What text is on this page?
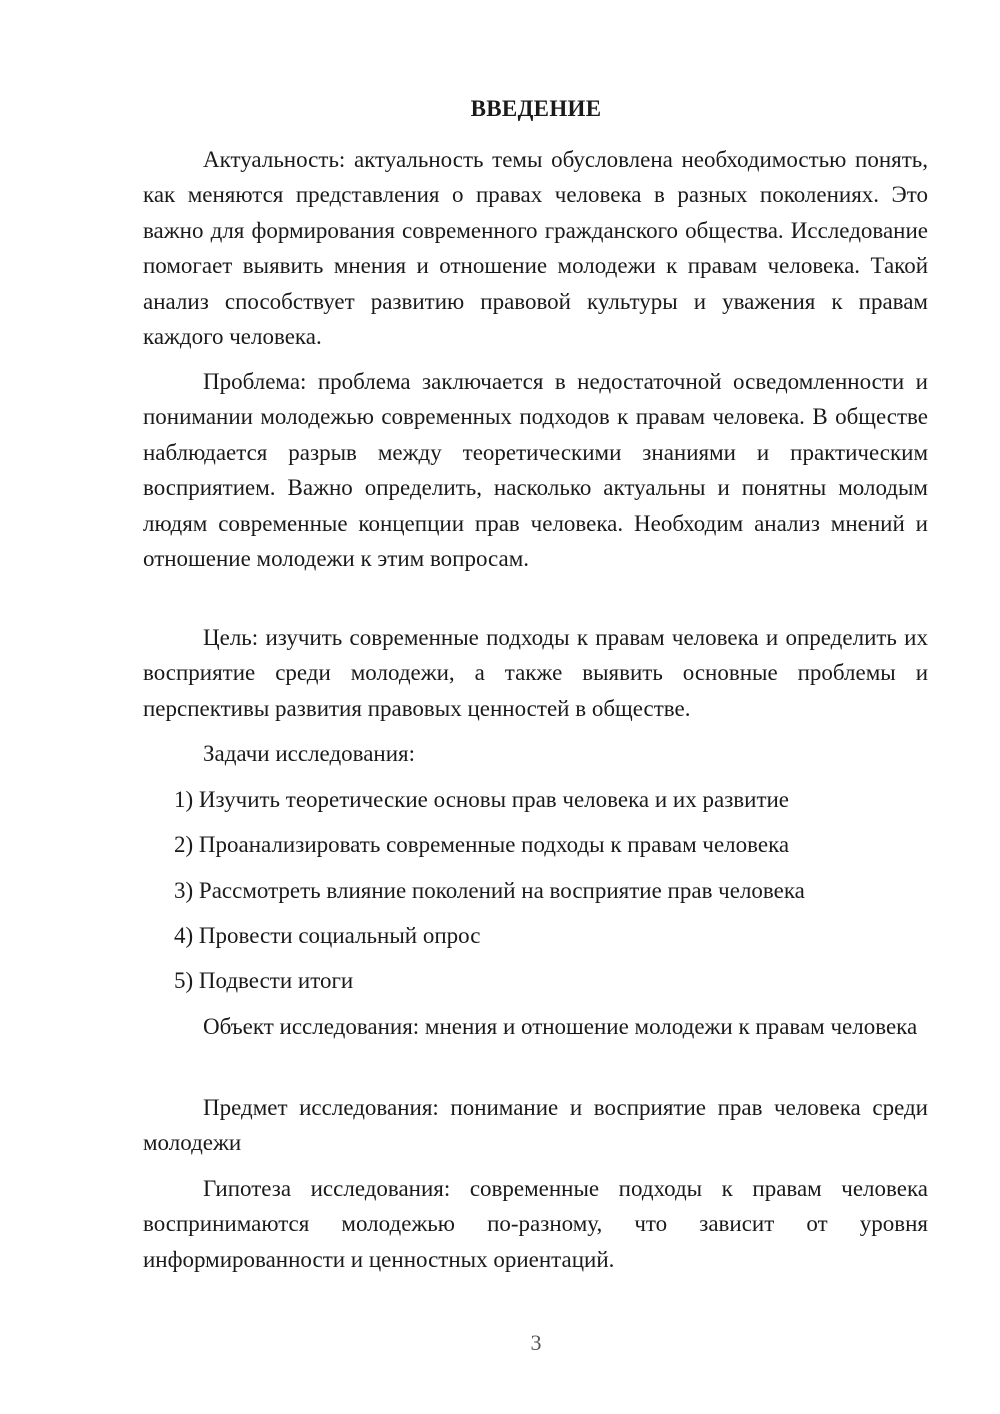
ВВЕДЕНИЕ

Актуальность: актуальность темы обусловлена необходимостью понять, как меняются представления о правах человека в разных поколениях. Это важно для формирования современного гражданского общества. Исследование помогает выявить мнения и отношение молодежи к правам человека. Такой анализ способствует развитию правовой культуры и уважения к правам каждого человека.

Проблема: проблема заключается в недостаточной осведомленности и понимании молодежью современных подходов к правам человека. В обществе наблюдается разрыв между теоретическими знаниями и практическим восприятием. Важно определить, насколько актуальны и понятны молодым людям современные концепции прав человека. Необходим анализ мнений и отношение молодежи к этим вопросам.

Цель: изучить современные подходы к правам человека и определить их восприятие среди молодежи, а также выявить основные проблемы и перспективы развития правовых ценностей в обществе.

Задачи исследования:
1) Изучить теоретические основы прав человека и их развитие
2) Проанализировать современные подходы к правам человека
3) Рассмотреть влияние поколений на восприятие прав человека
4) Провести социальный опрос
5) Подвести итоги

Объект исследования: мнения и отношение молодежи к правам человека

Предмет исследования: понимание и восприятие прав человека среди молодежи

Гипотеза исследования: современные подходы к правам человека воспринимаются молодежью по-разному, что зависит от уровня информированности и ценностных ориентаций.

3
